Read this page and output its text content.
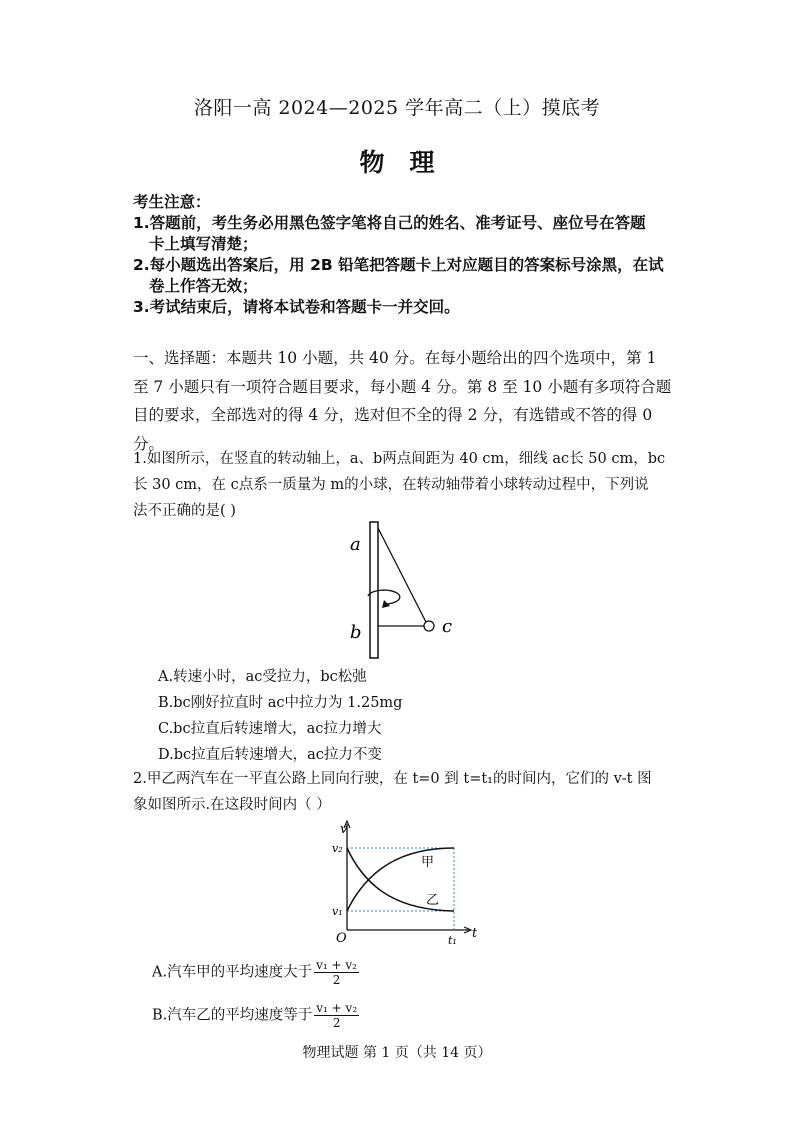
洛阳一高 2024—2025 学年高二（上）摸底考
物　理
考生注意：
1.答题前，考生务必用黑色签字笔将自己的姓名、准考证号、座位号在答题
卡上填写清楚；
2.每小题选出答案后，用 2B 铅笔把答题卡上对应题目的答案标号涂黑，在试
卷上作答无效；
3.考试结束后，请将本试卷和答题卡一并交回。
一、选择题：本题共 10 小题，共 40 分。在每小题给出的四个选项中，第 1
至 7 小题只有一项符合题目要求，每小题 4 分。第 8 至 10 小题有多项符合题
目的要求，全部选对的得 4 分，选对但不全的得 2 分，有选错或不答的得 0
分。
1.如图所示，在竖直的转动轴上，a、b两点间距为 40 cm，细线 ac长 50 cm，bc
长 30 cm，在 c点系一质量为 m的小球，在转动轴带着小球转动过程中，下列说
法不正确的是( )
a
b	c
A.转速小时，ac受拉力，bc松弛
B.bc刚好拉直时 ac中拉力为 1.25mg
C.bc拉直后转速增大，ac拉力增大
D.bc拉直后转速增大，ac拉力不变
2.甲乙两汽车在一平直公路上同向行驶，在 t=0 到 t=t₁的时间内，它们的 v-t 图
象如图所示.在这段时间内（ ）
v
t
O
v₂
v₁
t₁
甲
乙
A.汽车甲的平均速度大于 $\frac{\text{v₁ + v₂}}{2}$
B.汽车乙的平均速度等于 $\frac{\text{v₁ + v₂}}{2}$
物理试题 第 1 页（共 14 页）
